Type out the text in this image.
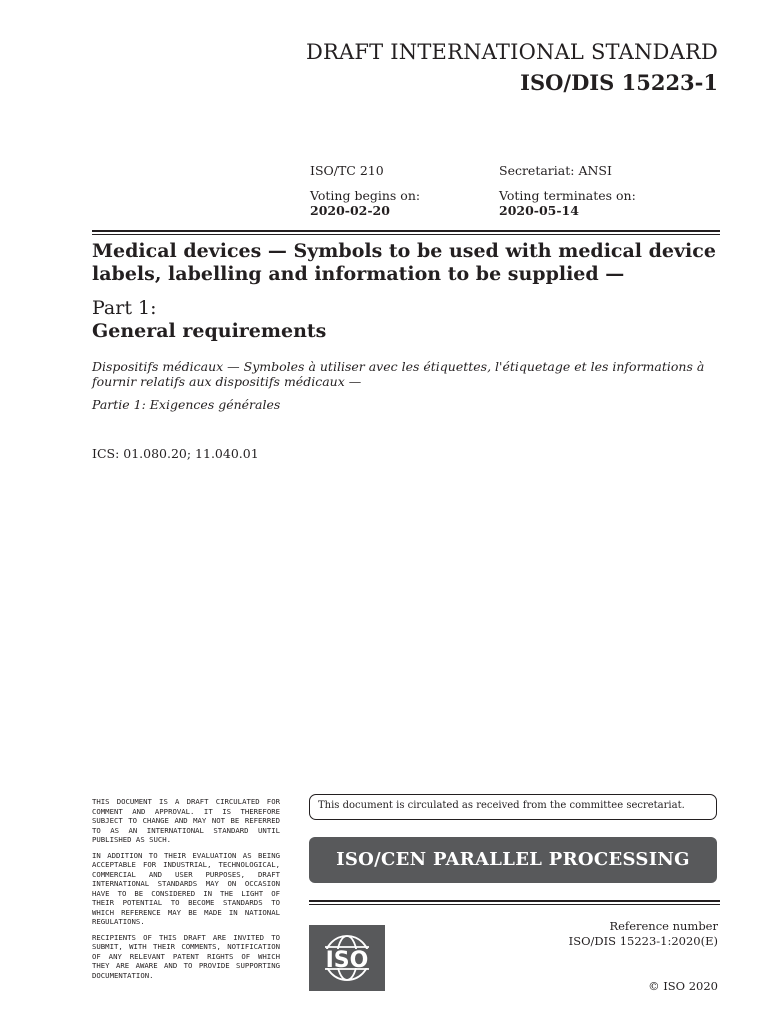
DRAFT INTERNATIONAL STANDARD
ISO/DIS 15223-1
ISO/TC 210	Secretariat: ANSI
Voting begins on:
2020-02-20
Voting terminates on:
2020-05-14
Medical devices — Symbols to be used with medical device labels, labelling and information to be supplied —
Part 1:
General requirements
Dispositifs médicaux — Symboles à utiliser avec les étiquettes, l'étiquetage et les informations à fournir relatifs aux dispositifs médicaux —
Partie 1: Exigences générales
ICS: 01.080.20; 11.040.01

THIS DOCUMENT IS A DRAFT CIRCULATED FOR COMMENT AND APPROVAL. IT IS THEREFORE SUBJECT TO CHANGE AND MAY NOT BE REFERRED TO AS AN INTERNATIONAL STANDARD UNTIL PUBLISHED AS SUCH.

IN ADDITION TO THEIR EVALUATION AS BEING ACCEPTABLE FOR INDUSTRIAL, TECHNOLOGICAL, COMMERCIAL AND USER PURPOSES, DRAFT INTERNATIONAL STANDARDS MAY ON OCCASION HAVE TO BE CONSIDERED IN THE LIGHT OF THEIR POTENTIAL TO BECOME STANDARDS TO WHICH REFERENCE MAY BE MADE IN NATIONAL REGULATIONS.

RECIPIENTS OF THIS DRAFT ARE INVITED TO SUBMIT, WITH THEIR COMMENTS, NOTIFICATION OF ANY RELEVANT PATENT RIGHTS OF WHICH THEY ARE AWARE AND TO PROVIDE SUPPORTING DOCUMENTATION.

This document is circulated as received from the committee secretariat.
ISO/CEN PARALLEL PROCESSING
ISO
Reference number
ISO/DIS 15223-1:2020(E)
© ISO 2020
